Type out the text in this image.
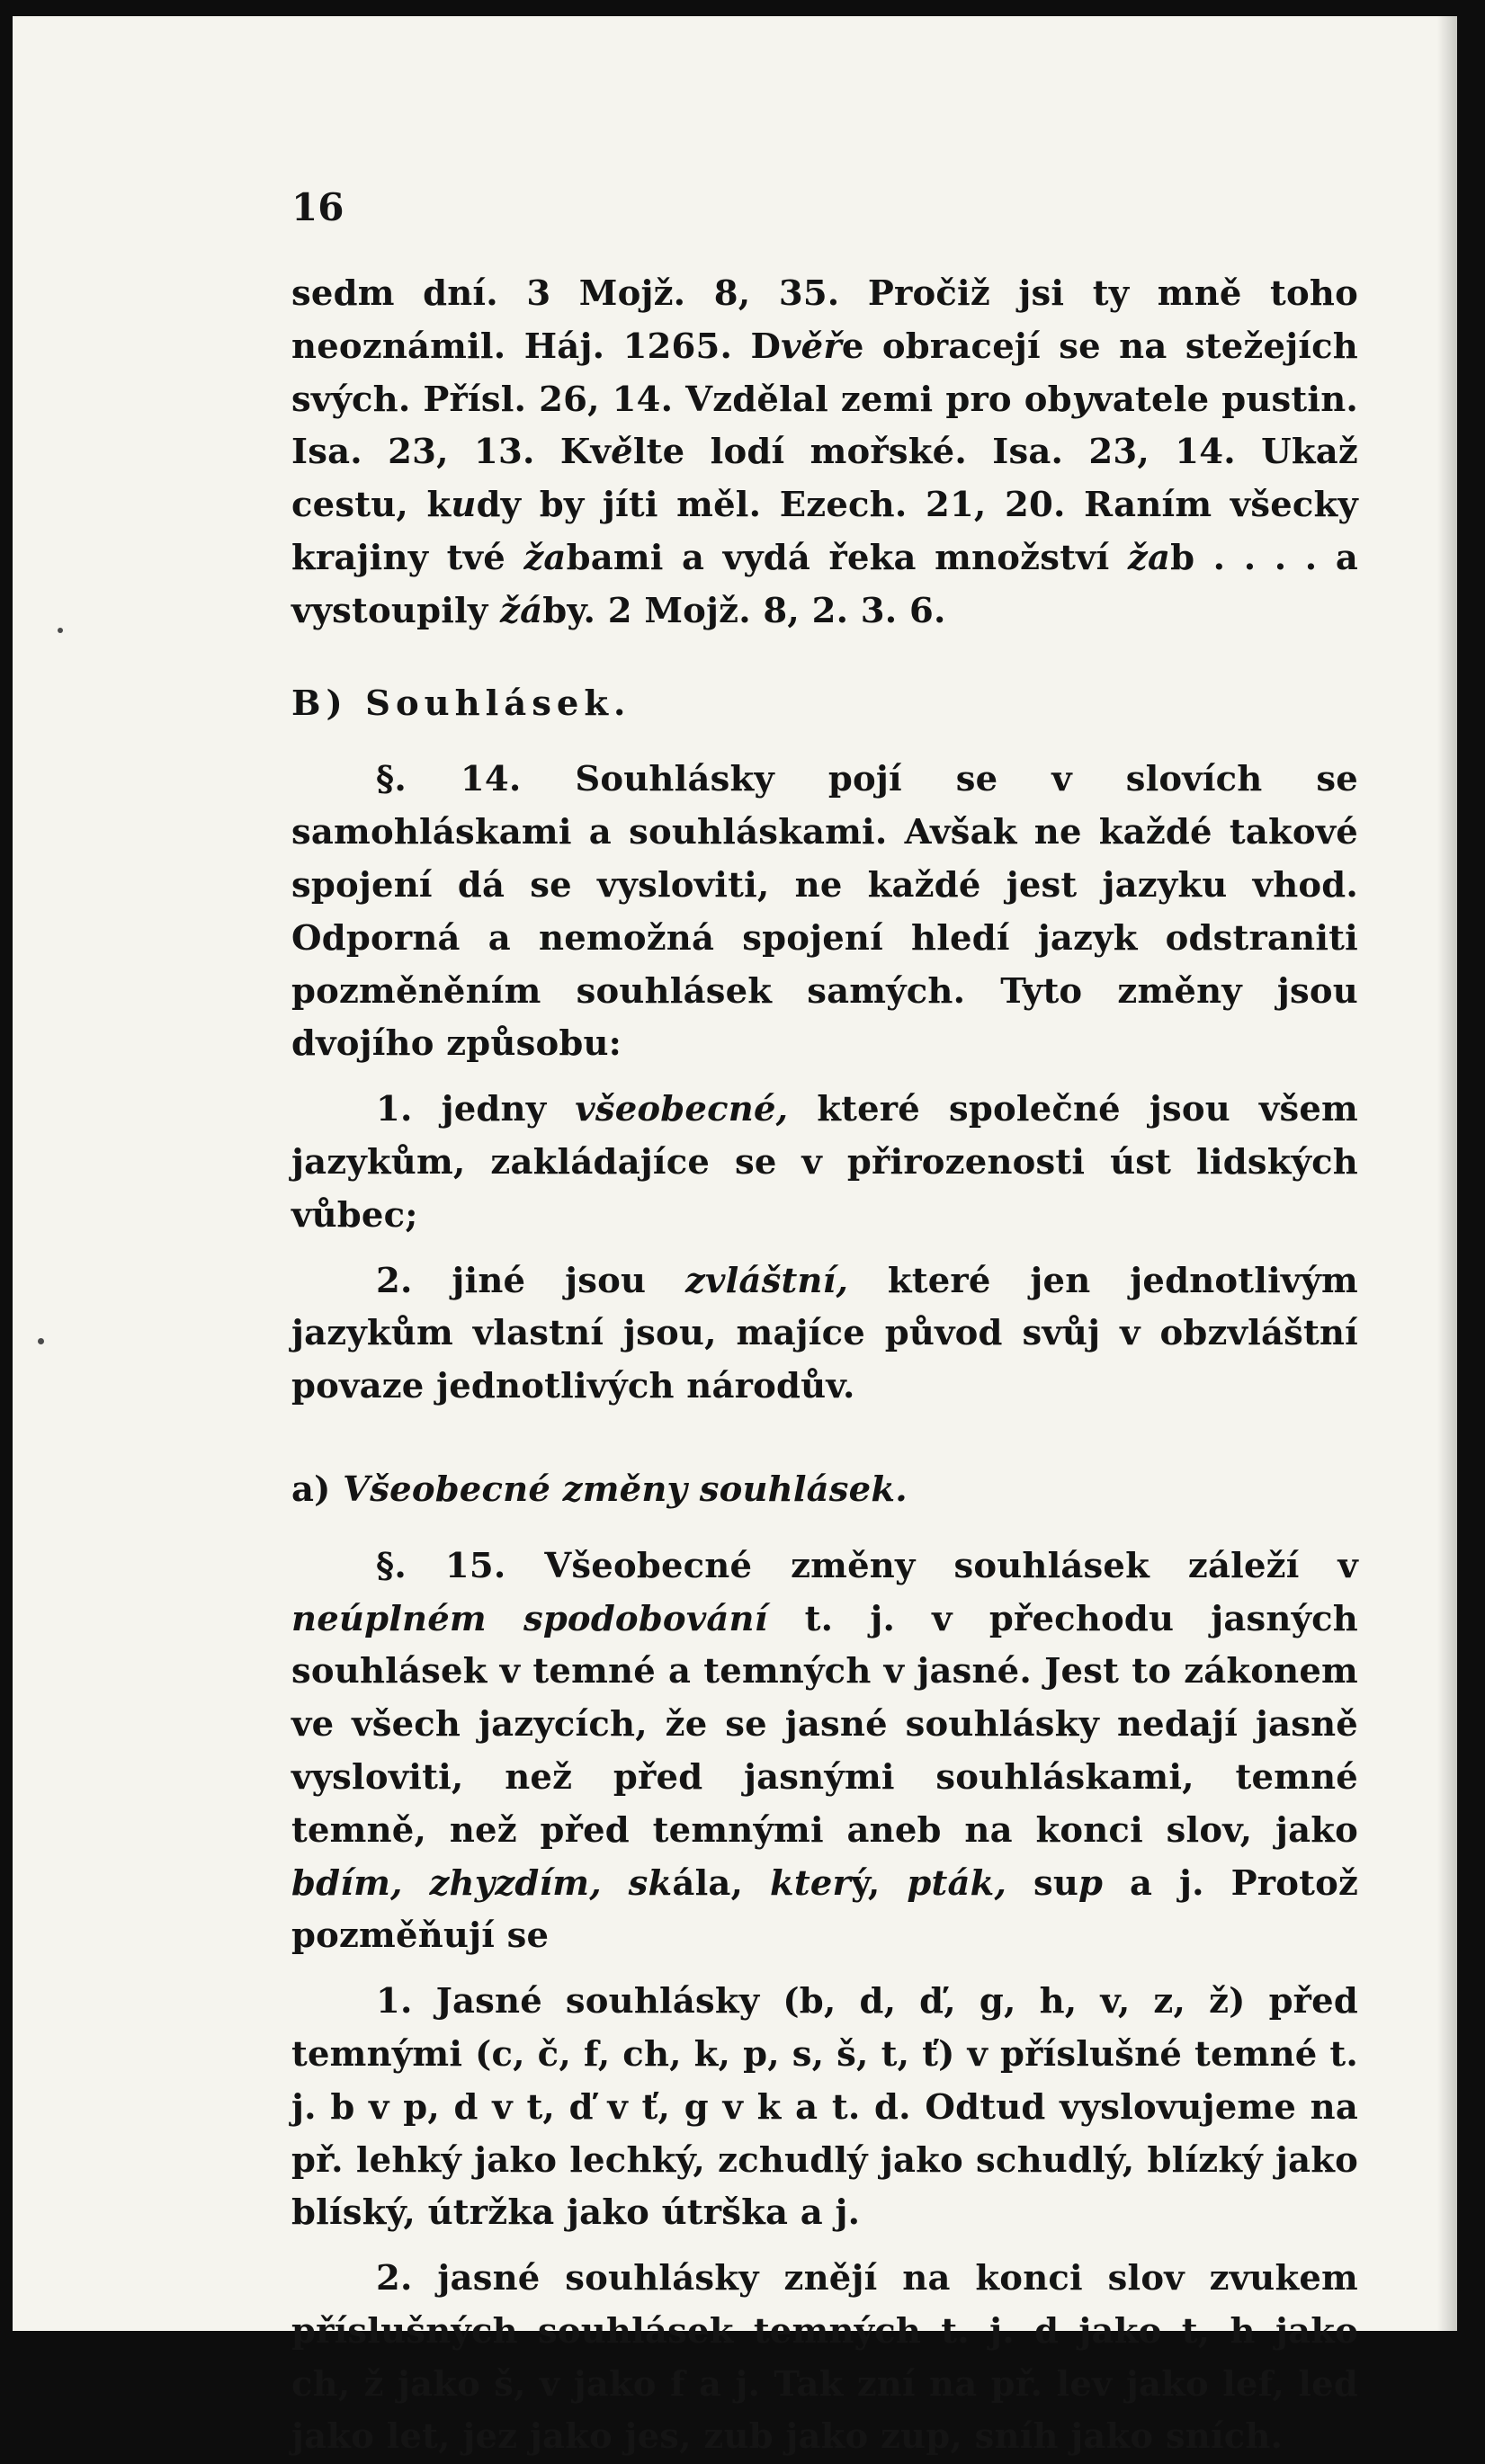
16

sedm dní. 3 Mojž. 8, 35. Pročiž jsi ty mně toho neoznámil. Háj. 1265. Dvěře obracejí se na stežejích svých. Přísl. 26, 14. Vzdělal zemi pro obyvatele pustin. Isa. 23, 13. Kvělte lodí mořské. Isa. 23, 14. Ukaž cestu, kudy by jíti měl. Ezech. 21, 20. Raním všecky krajiny tvé žabami a vydá řeka množství žab . . . . a vystoupily žáby. 2 Mojž. 8, 2. 3. 6.

B) Souhlásek.

§. 14. Souhlásky pojí se v slovích se samohláskami a souhláskami. Avšak ne každé takové spojení dá se vysloviti, ne každé jest jazyku vhod. Odporná a nemožná spojení hledí jazyk odstraniti pozměněním souhlásek samých. Tyto změny jsou dvojího způsobu:

1. jedny všeobecné, které společné jsou všem jazykům, zakládajíce se v přirozenosti úst lidských vůbec;

2. jiné jsou zvláštní, které jen jednotlivým jazykům vlastní jsou, majíce původ svůj v obzvláštní povaze jednotlivých národův.

a) Všeobecné změny souhlásek.

§. 15. Všeobecné změny souhlásek záleží v neúplném spodobování t. j. v přechodu jasných souhlásek v temné a temných v jasné. Jest to zákonem ve všech jazycích, že se jasné souhlásky nedají jasně vysloviti, než před jasnými souhláskami, temné temně, než před temnými aneb na konci slov, jako bdím, zhyzdím, skála, který, pták, sup a j. Protož pozměňují se

1. Jasné souhlásky (b, d, ď, g, h, v, z, ž) před temnými (c, č, f, ch, k, p, s, š, t, ť) v příslušné temné t. j. b v p, d v t, ď v ť, g v k a t. d. Odtud vyslovujeme na př. lehký jako lechký, zchudlý jako schudlý, blízký jako blíský, útržka jako útrška a j.

2. jasné souhlásky znějí na konci slov zvukem příslušných souhlásek temných t. j. d jako t, h jako ch, ž jako š, v jako f a j. Tak zní na př. lev jako lef, led jako let, jez jako jes, zub jako zup, sníh jako sních.
